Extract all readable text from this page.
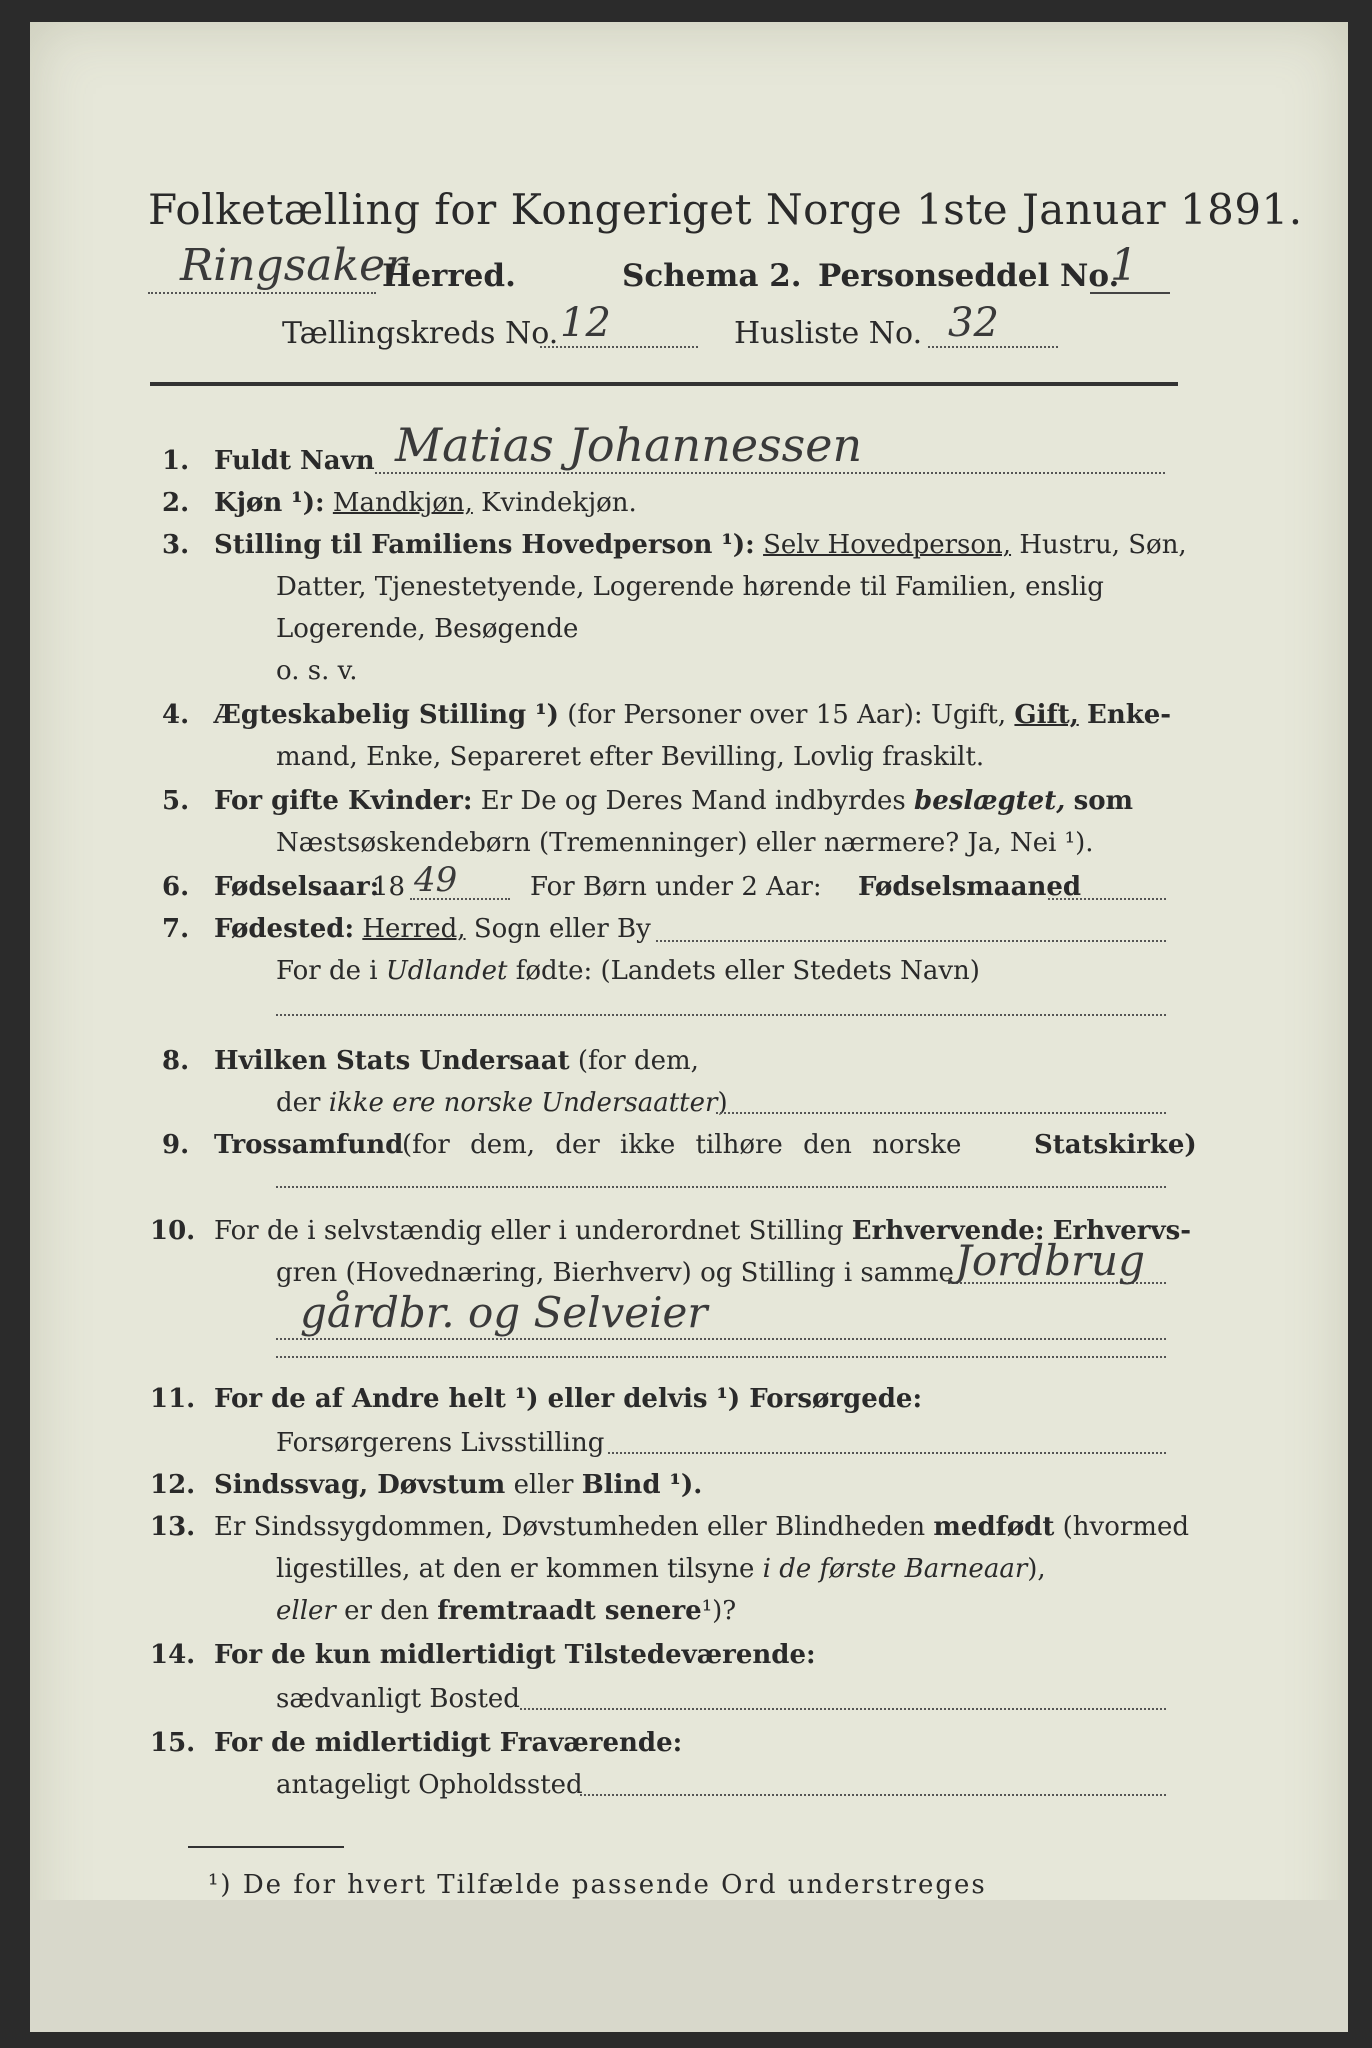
Folketælling for Kongeriget Norge 1ste Januar 1891.
Ringsaker
Herred.	Schema 2. Personseddel No.
1
Tællingskreds No. 12	Husliste No. 32
1. Fuldt Navn Matias Johannessen
2. Kjøn ¹): Mandkjøn, Kvindekjøn.
3. Stilling til Familiens Hovedperson ¹): Selv Hovedperson, Hustru, Søn,
Datter, Tjenestetyende, Logerende hørende til Familien, enslig
Logerende, Besøgende
o. s. v.
4. Ægteskabelig Stilling ¹) (for Personer over 15 Aar): Ugift, Gift, Enke-
mand, Enke, Separeret efter Bevilling, Lovlig fraskilt.
5. For gifte Kvinder: Er De og Deres Mand indbyrdes beslægtet, som
Næstsøskendebørn (Tremenninger) eller nærmere? Ja, Nei ¹).
6. Fødselsaar:
18 49	For Børn under 2 Aar: Fødselsmaaned
7. Fødested: Herred, Sogn eller By
For de i Udlandet fødte: (Landets eller Stedets Navn)
8. Hvilken Stats Undersaat (for dem,
der ikke ere norske Undersaatter)
9. Trossamfund
(for dem, der ikke tilhøre den norske	Statskirke)
10. For de i selvstændig eller i underordnet Stilling Erhvervende: Erhvervs-
gren (Hovednæring, Bierhverv) og Stilling i samme Jordbrug
gårdbr. og Selveier
11. For de af Andre helt ¹) eller delvis ¹) Forsørgede:
Forsørgerens Livsstilling
12. Sindssvag, Døvstum eller Blind ¹).
13. Er Sindssygdommen, Døvstumheden eller Blindheden medfødt (hvormed
ligestilles, at den er kommen tilsyne i de første Barneaar),
eller er den fremtraadt senere¹)?
14. For de kun midlertidigt Tilstedeværende:
sædvanligt Bosted
15. For de midlertidigt Fraværende:
antageligt Opholdssted
¹) De for hvert Tilfælde passende Ord understreges
